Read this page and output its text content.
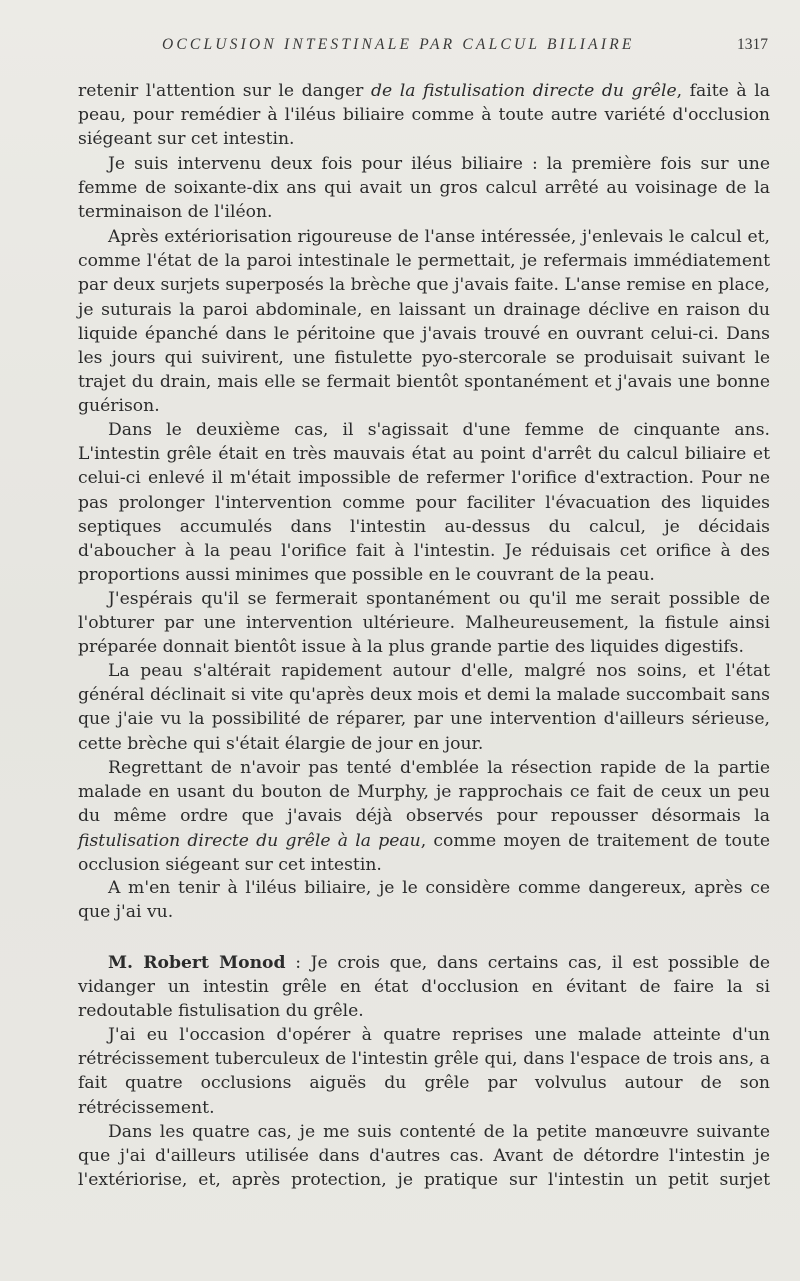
OCCLUSION INTESTINALE PAR CALCUL BILIAIRE	1317

retenir l'attention sur le danger de la fistulisation directe du grêle, faite à la peau, pour remédier à l'iléus biliaire comme à toute autre variété d'occlusion siégeant sur cet intestin.

Je suis intervenu deux fois pour iléus biliaire : la première fois sur une femme de soixante-dix ans qui avait un gros calcul arrêté au voisinage de la terminaison de l'iléon.

Après extériorisation rigoureuse de l'anse intéressée, j'enlevais le calcul et, comme l'état de la paroi intestinale le permettait, je refermais immédiatement par deux surjets superposés la brèche que j'avais faite. L'anse remise en place, je suturais la paroi abdominale, en laissant un drainage déclive en raison du liquide épanché dans le péritoine que j'avais trouvé en ouvrant celui-ci. Dans les jours qui suivirent, une fistulette pyo-stercorale se produisait suivant le trajet du drain, mais elle se fermait bientôt spontanément et j'avais une bonne guérison.

Dans le deuxième cas, il s'agissait d'une femme de cinquante ans. L'intestin grêle était en très mauvais état au point d'arrêt du calcul biliaire et celui-ci enlevé il m'était impossible de refermer l'orifice d'extraction. Pour ne pas prolonger l'intervention comme pour faciliter l'évacuation des liquides septiques accumulés dans l'intestin au-dessus du calcul, je décidais d'aboucher à la peau l'orifice fait à l'intestin. Je réduisais cet orifice à des proportions aussi minimes que possible en le couvrant de la peau.

J'espérais qu'il se fermerait spontanément ou qu'il me serait possible de l'obturer par une intervention ultérieure. Malheureusement, la fistule ainsi préparée donnait bientôt issue à la plus grande partie des liquides digestifs.

La peau s'altérait rapidement autour d'elle, malgré nos soins, et l'état général déclinait si vite qu'après deux mois et demi la malade succombait sans que j'aie vu la possibilité de réparer, par une intervention d'ailleurs sérieuse, cette brèche qui s'était élargie de jour en jour.

Regrettant de n'avoir pas tenté d'emblée la résection rapide de la partie malade en usant du bouton de Murphy, je rapprochais ce fait de ceux un peu du même ordre que j'avais déjà observés pour repousser désormais la fistulisation directe du grêle à la peau, comme moyen de traitement de toute occlusion siégeant sur cet intestin.

A m'en tenir à l'iléus biliaire, je le considère comme dangereux, après ce que j'ai vu.

M. Robert Monod : Je crois que, dans certains cas, il est possible de vidanger un intestin grêle en état d'occlusion en évitant de faire la si redoutable fistulisation du grêle.

J'ai eu l'occasion d'opérer à quatre reprises une malade atteinte d'un rétrécissement tuberculeux de l'intestin grêle qui, dans l'espace de trois ans, a fait quatre occlusions aiguës du grêle par volvulus autour de son rétrécissement.

Dans les quatre cas, je me suis contenté de la petite manœuvre suivante que j'ai d'ailleurs utilisée dans d'autres cas. Avant de détordre l'intestin je l'extériorise, et, après protection, je pratique sur l'intestin un petit surjet
